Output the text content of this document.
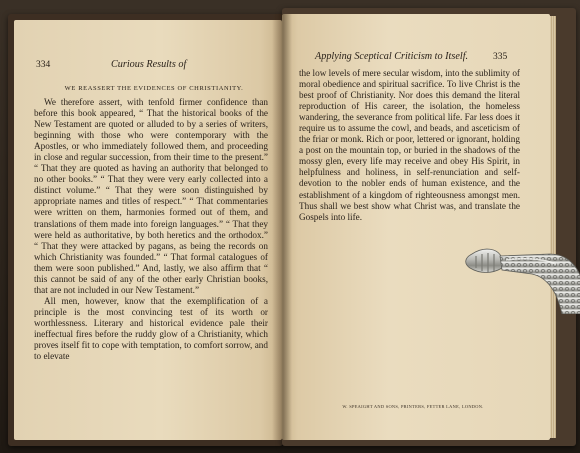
334	Curious Results of
WE REASSERT THE EVIDENCES OF CHRISTIANITY.

We therefore assert, with tenfold firmer confidence than before this book appeared, “ That the historical books of the New Testament are quoted or alluded to by a series of writers, beginning with those who were contemporary with the Apostles, or who immediately followed them, and proceeding in close and regular succession, from their time to the present.” “ That they are quoted as having an authority that belonged to no other books.” “ That they were very early collected into a distinct volume.” “ That they were soon distinguished by appropriate names and titles of respect.” “ That commentaries were written on them, harmonies formed out of them, and translations of them made into foreign languages.” “ That they were held as authoritative, by both heretics and the orthodox.” “ That they were attacked by pagans, as being the records on which Christianity was founded.” “ That formal catalogues of them were soon published.” And, lastly, we also affirm that “ this cannot be said of any of the other early Christian books, that are not included in our New Testament.”

All men, however, know that the exemplification of a principle is the most convincing test of its worth or worthlessness. Literary and historical evidence pale their ineffectual fires before the ruddy glow of a Christianity, which proves itself fit to cope with temptation, to comfort sorrow, and to elevate

Applying Sceptical Criticism to Itself.	335

the low levels of mere secular wisdom, into the sublimity of moral obedience and spiritual sacrifice. To live Christ is the best proof of Christianity. Nor does this demand the literal reproduction of His career, the isolation, the homeless wandering, the severance from political life. Far less does it require us to assume the cowl, and beads, and asceticism of the friar or monk. Rich or poor, lettered or ignorant, holding a post on the mountain top, or buried in the shadows of the mossy glen, every life may receive and obey His Spirit, in helpfulness and holiness, in self-renunciation and self-devotion to the nobler ends of human existence, and the establishment of a kingdom of righteousness amongst men. Thus shall we best show what Christ was, and translate the Gospels into life.

W. SPEAIGHT AND SONS, PRINTERS, FETTER LANE, LONDON.
